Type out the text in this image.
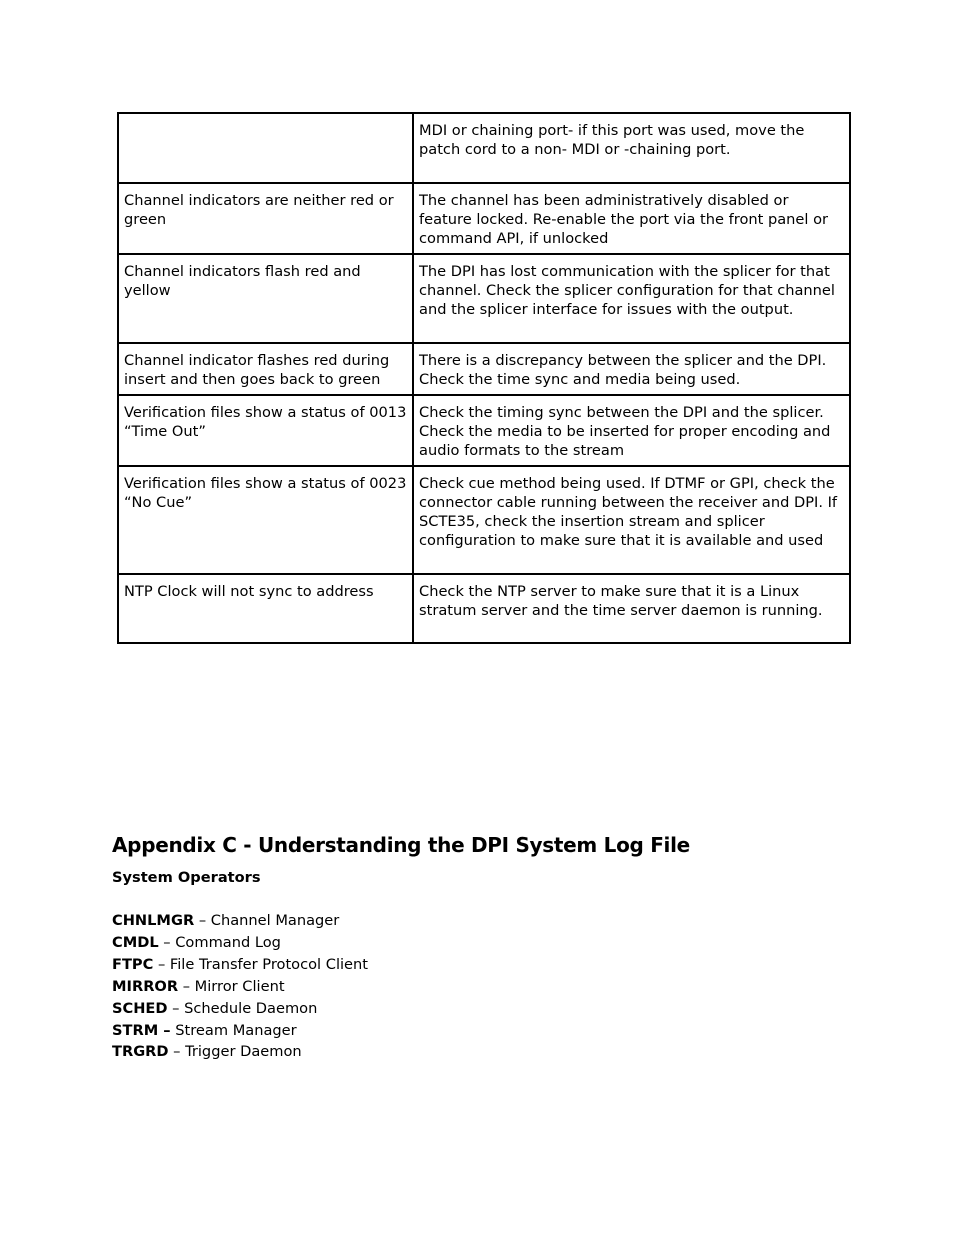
	MDI or chaining port- if this port was used, move the patch cord to a non- MDI or -chaining port.
Channel indicators are neither red or green	The channel has been administratively disabled or feature locked. Re-enable the port via the front panel or command API, if unlocked
Channel indicators flash red and yellow	The DPI has lost communication with the splicer for that channel. Check the splicer configuration for that channel and the splicer interface for issues with the output.
Channel indicator flashes red during insert and then goes back to green	There is a discrepancy between the splicer and the DPI. Check the time sync and media being used.
Verification files show a status of 0013 “Time Out”	Check the timing sync between the DPI and the splicer. Check the media to be inserted for proper encoding and audio formats to the stream
Verification files show a status of 0023 “No Cue”	Check cue method being used. If DTMF or GPI, check the connector cable running between the receiver and DPI. If SCTE35, check the insertion stream and splicer configuration to make sure that it is available and used
NTP Clock will not sync to address	Check the NTP server to make sure that it is a Linux stratum server and the time server daemon is running.
Appendix C - Understanding the DPI System Log File
System Operators
CHNLMGR – Channel Manager
CMDL – Command Log
FTPC – File Transfer Protocol Client
MIRROR – Mirror Client
SCHED – Schedule Daemon
STRM – Stream Manager
TRGRD – Trigger Daemon
